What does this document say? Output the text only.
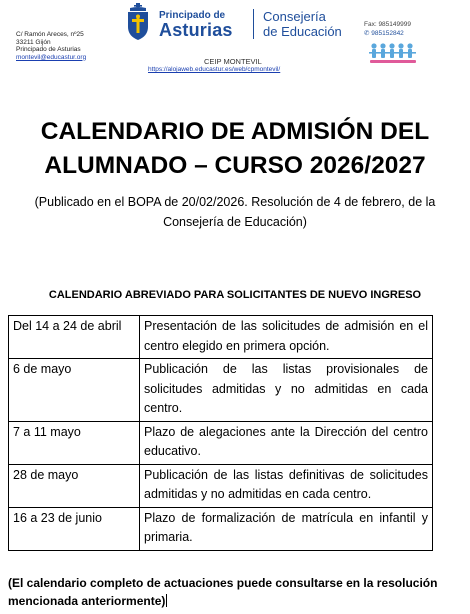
C/ Ramón Areces, nº25
33211 Gijón
Principado de Asturias
montevil@educastur.org
Principado de
Asturias
Consejería
de Educación
CEIP MONTEVIL
https://alojaweb.educastur.es/web/cpmontevil/
Fax: 985149999
✆ 985152842
CALENDARIO DE ADMISIÓN DEL
ALUMNADO – CURSO 2026/2027
(Publicado en el BOPA de 20/02/2026. Resolución de 4 de febrero, de la
Consejería de Educación)
CALENDARIO ABREVIADO PARA SOLICITANTES DE NUEVO INGRESO
Del 14 a 24 de abril	Presentación de las solicitudes de admisión en el centro elegido en primera opción.
6 de mayo	Publicación de las listas provisionales de solicitudes admitidas y no admitidas en cada centro.
7 a 11 mayo	Plazo de alegaciones ante la Dirección del centro educativo.
28 de mayo	Publicación de las listas definitivas de solicitudes admitidas y no admitidas en cada centro.
16 a 23 de junio	Plazo de formalización de matrícula en infantil y primaria.
(El calendario completo de actuaciones puede consultarse en la resolución
mencionada anteriormente)
